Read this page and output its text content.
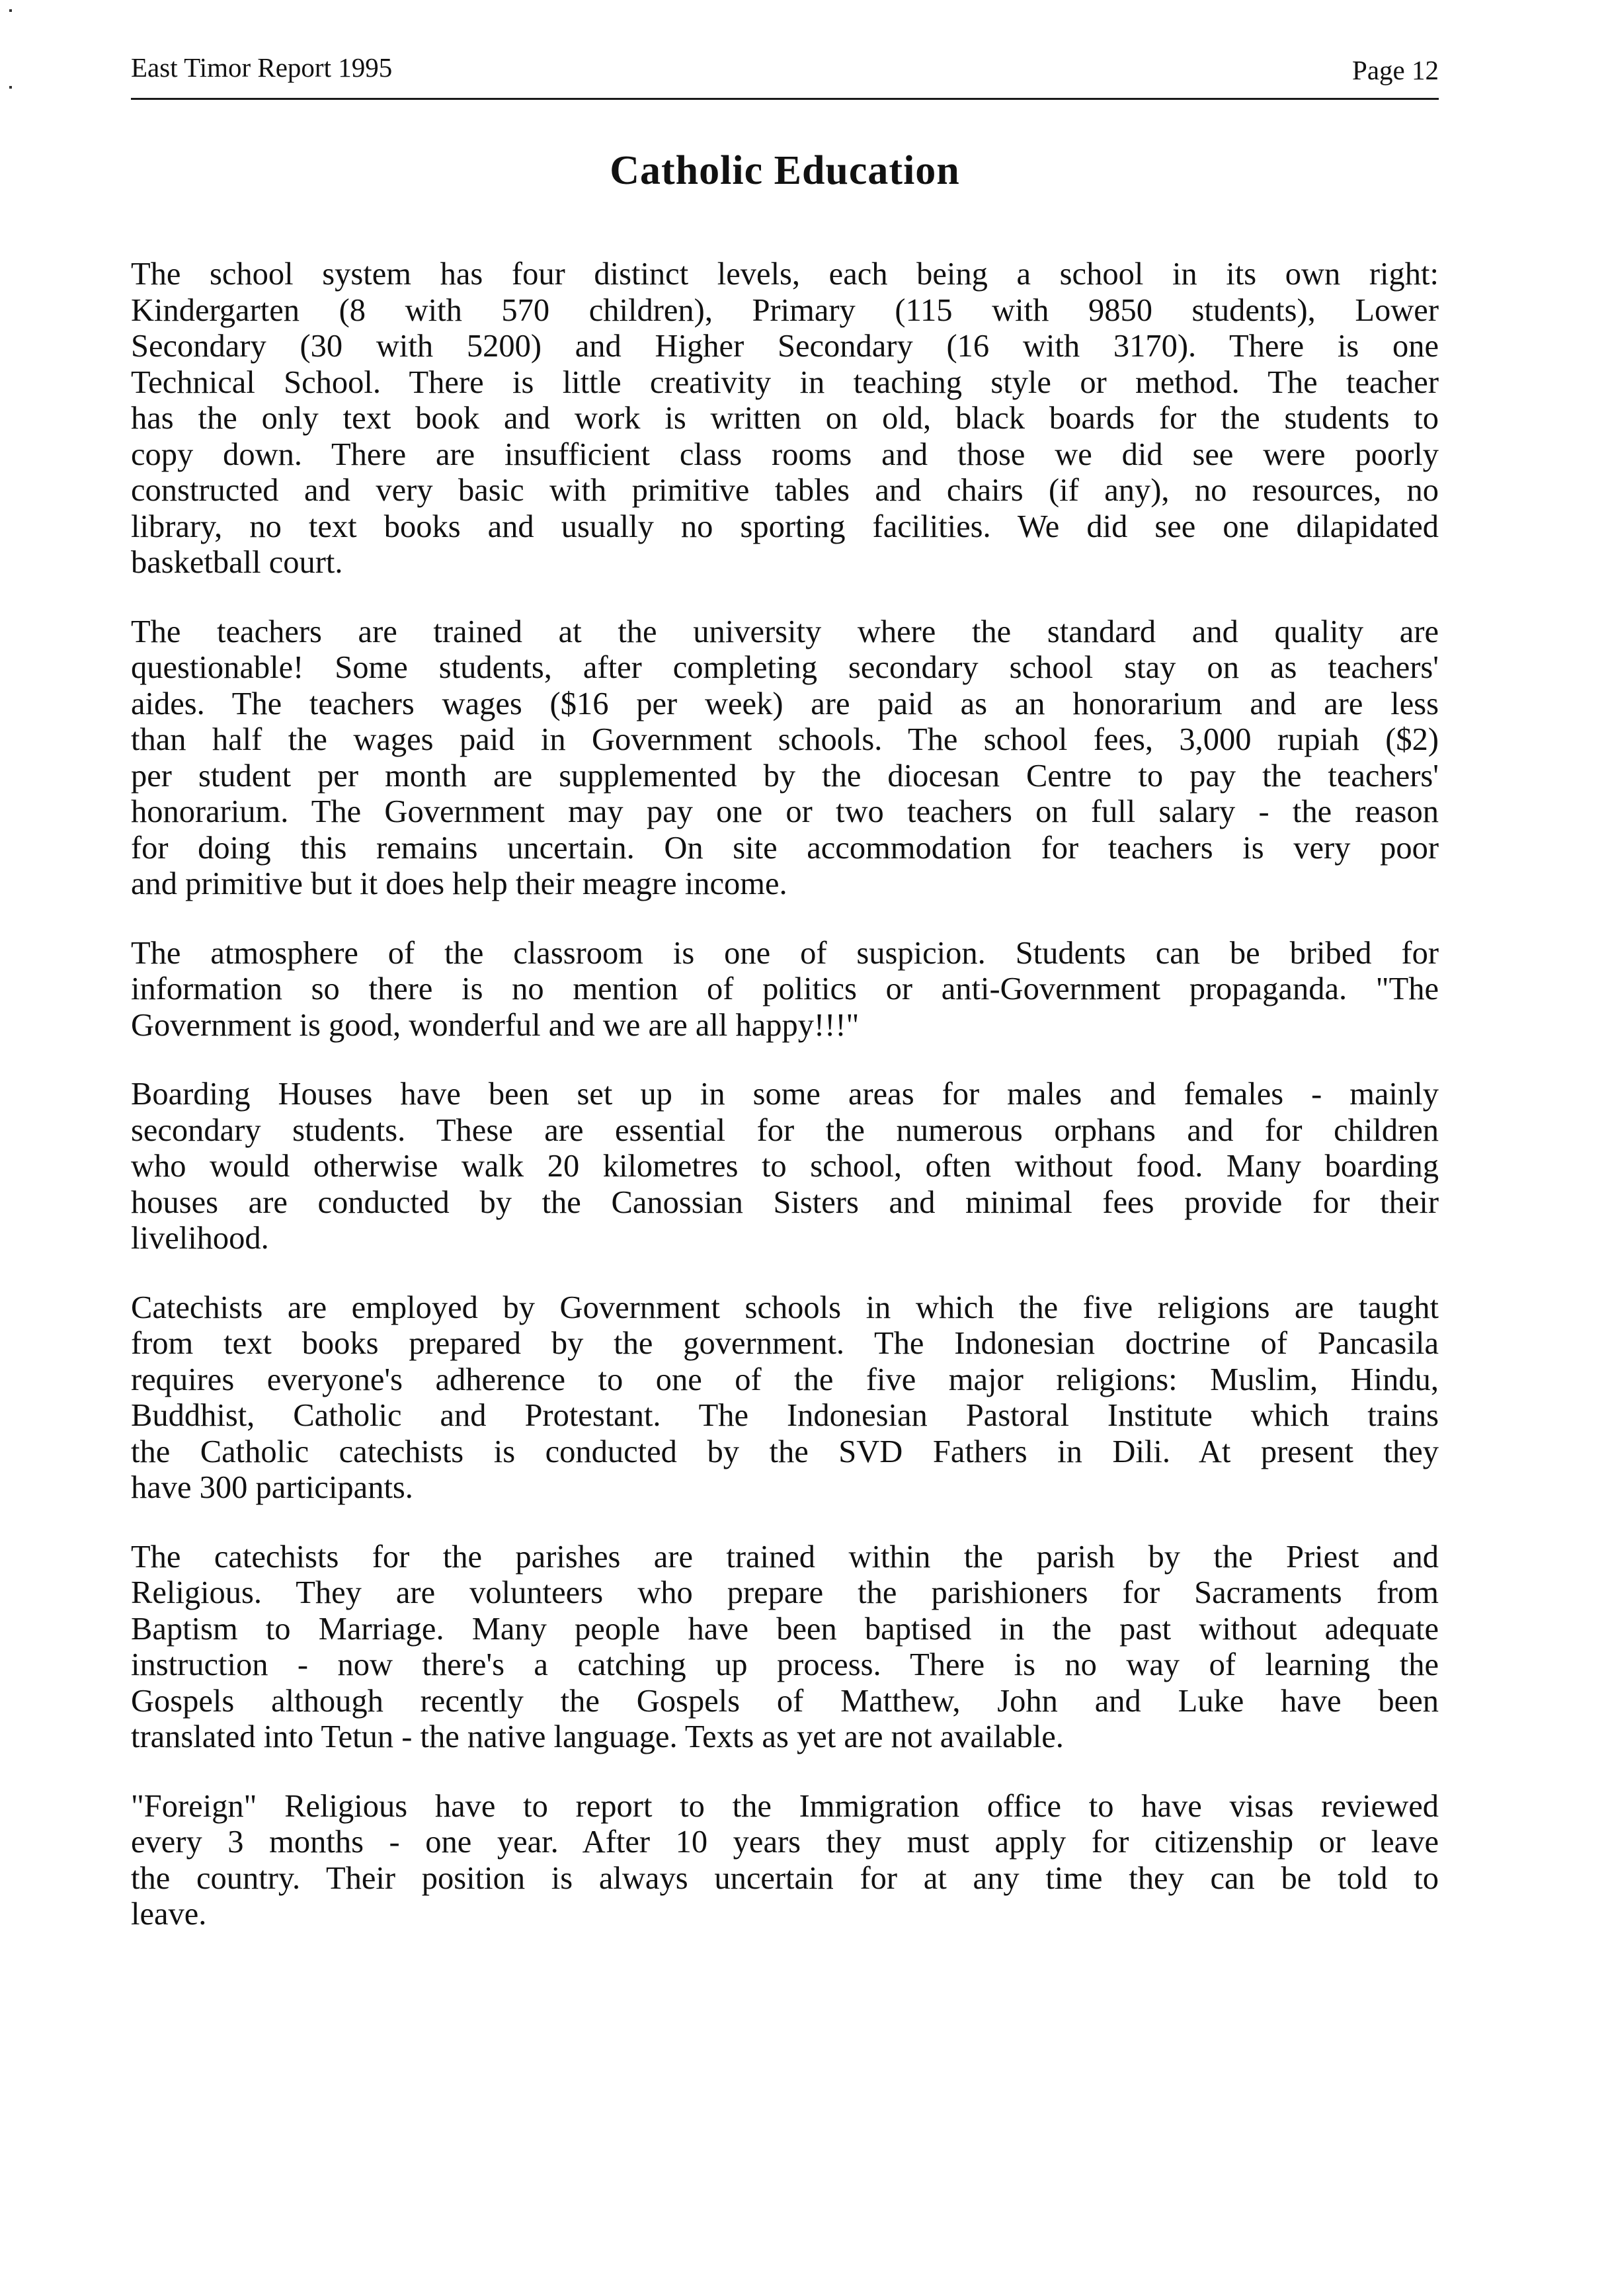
East Timor Report 1995	Page 12
Catholic Education

The school system has four distinct levels, each being a school in its own right:
Kindergarten (8 with 570 children), Primary (115 with 9850 students), Lower
Secondary (30 with 5200) and Higher Secondary (16 with 3170). There is one
Technical School. There is little creativity in teaching style or method. The teacher
has the only text book and work is written on old, black boards for the students to
copy down. There are insufficient class rooms and those we did see were poorly
constructed and very basic with primitive tables and chairs (if any), no resources, no
library, no text books and usually no sporting facilities. We did see one dilapidated
basketball court.

The teachers are trained at the university where the standard and quality are
questionable! Some students, after completing secondary school stay on as teachers'
aides. The teachers wages ($16 per week) are paid as an honorarium and are less
than half the wages paid in Government schools. The school fees, 3,000 rupiah ($2)
per student per month are supplemented by the diocesan Centre to pay the teachers'
honorarium. The Government may pay one or two teachers on full salary - the reason
for doing this remains uncertain. On site accommodation for teachers is very poor
and primitive but it does help their meagre income.

The atmosphere of the classroom is one of suspicion. Students can be bribed for
information so there is no mention of politics or anti-Government propaganda. "The
Government is good, wonderful and we are all happy!!!"

Boarding Houses have been set up in some areas for males and females - mainly
secondary students. These are essential for the numerous orphans and for children
who would otherwise walk 20 kilometres to school, often without food. Many boarding
houses are conducted by the Canossian Sisters and minimal fees provide for their
livelihood.

Catechists are employed by Government schools in which the five religions are taught
from text books prepared by the government. The Indonesian doctrine of Pancasila
requires everyone's adherence to one of the five major religions: Muslim, Hindu,
Buddhist, Catholic and Protestant. The Indonesian Pastoral Institute which trains
the Catholic catechists is conducted by the SVD Fathers in Dili. At present they
have 300 participants.

The catechists for the parishes are trained within the parish by the Priest and
Religious. They are volunteers who prepare the parishioners for Sacraments from
Baptism to Marriage. Many people have been baptised in the past without adequate
instruction - now there's a catching up process. There is no way of learning the
Gospels although recently the Gospels of Matthew, John and Luke have been
translated into Tetun - the native language. Texts as yet are not available.

"Foreign" Religious have to report to the Immigration office to have visas reviewed
every 3 months - one year. After 10 years they must apply for citizenship or leave
the country. Their position is always uncertain for at any time they can be told to
leave.
